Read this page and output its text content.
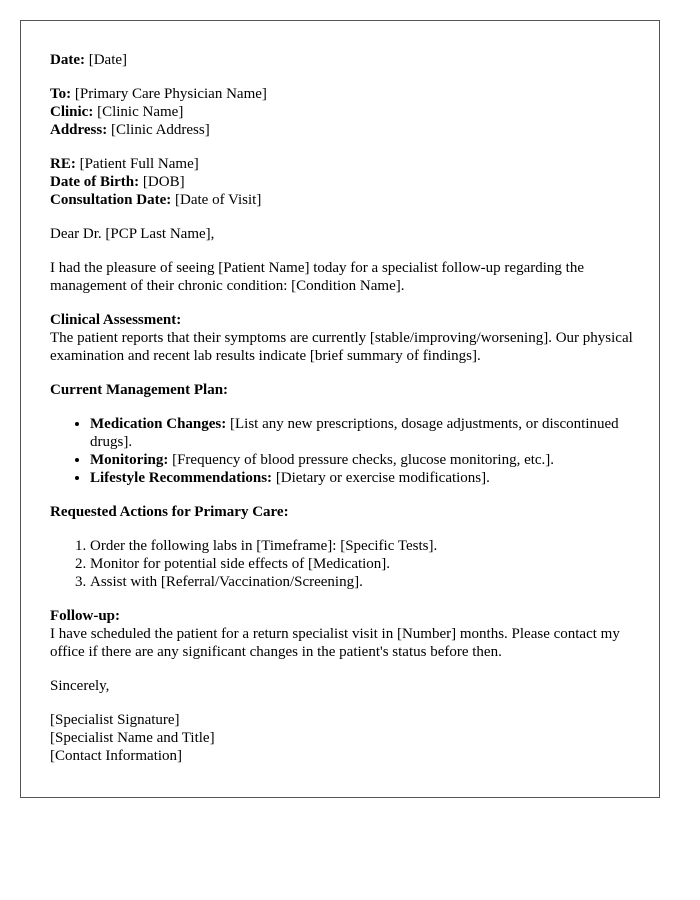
Date: [Date]

To: [Primary Care Physician Name]

Clinic: [Clinic Name]

Address: [Clinic Address]

RE: [Patient Full Name]

Date of Birth: [DOB]

Consultation Date: [Date of Visit]

Dear Dr. [PCP Last Name],

I had the pleasure of seeing [Patient Name] today for a specialist follow-up regarding the management of their chronic condition: [Condition Name].

Clinical Assessment:

The patient reports that their symptoms are currently [stable/improving/worsening]. Our physical examination and recent lab results indicate [brief summary of findings].

Current Management Plan:

• Medication Changes: [List any new prescriptions, dosage adjustments, or discontinued drugs].
• Monitoring: [Frequency of blood pressure checks, glucose monitoring, etc.].
• Lifestyle Recommendations: [Dietary or exercise modifications].

Requested Actions for Primary Care:

1. Order the following labs in [Timeframe]: [Specific Tests].
2. Monitor for potential side effects of [Medication].
3. Assist with [Referral/Vaccination/Screening].

Follow-up:

I have scheduled the patient for a return specialist visit in [Number] months. Please contact my office if there are any significant changes in the patient's status before then.

Sincerely,

[Specialist Signature]

[Specialist Name and Title]

[Contact Information]
